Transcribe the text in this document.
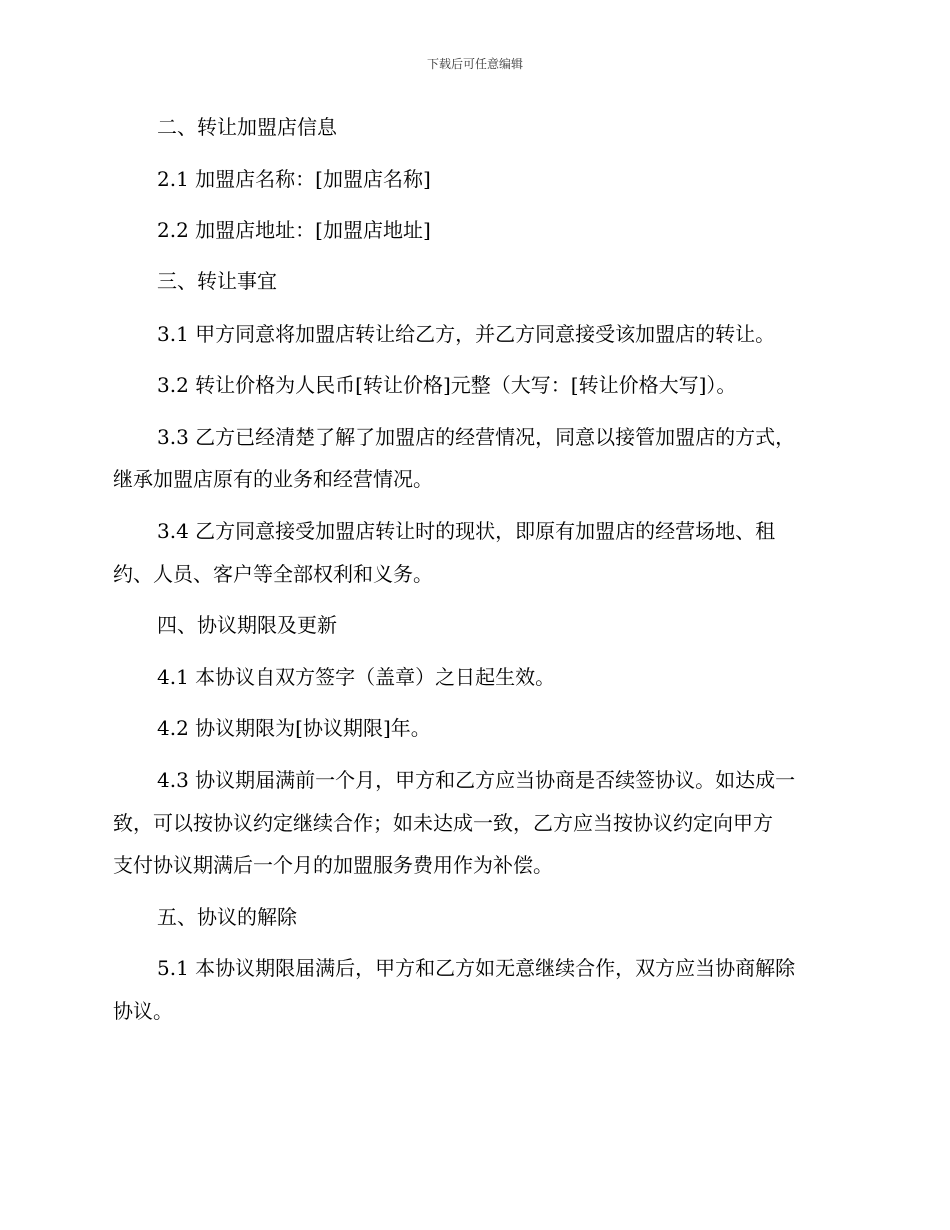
下载后可任意编辑
二、转让加盟店信息
2.1 加盟店名称：[加盟店名称]
2.2 加盟店地址：[加盟店地址]
三、转让事宜
3.1 甲方同意将加盟店转让给乙方，并乙方同意接受该加盟店的转让。
3.2 转让价格为人民币[转让价格]元整（大写：[转让价格大写]）。
3.3 乙方已经清楚了解了加盟店的经营情况，同意以接管加盟店的方式，
继承加盟店原有的业务和经营情况。
3.4 乙方同意接受加盟店转让时的现状，即原有加盟店的经营场地、租
约、人员、客户等全部权利和义务。
四、协议期限及更新
4.1 本协议自双方签字（盖章）之日起生效。
4.2 协议期限为[协议期限]年。
4.3 协议期届满前一个月，甲方和乙方应当协商是否续签协议。如达成一
致，可以按协议约定继续合作；如未达成一致，乙方应当按协议约定向甲方
支付协议期满后一个月的加盟服务费用作为补偿。
五、协议的解除
5.1 本协议期限届满后，甲方和乙方如无意继续合作，双方应当协商解除
协议。
